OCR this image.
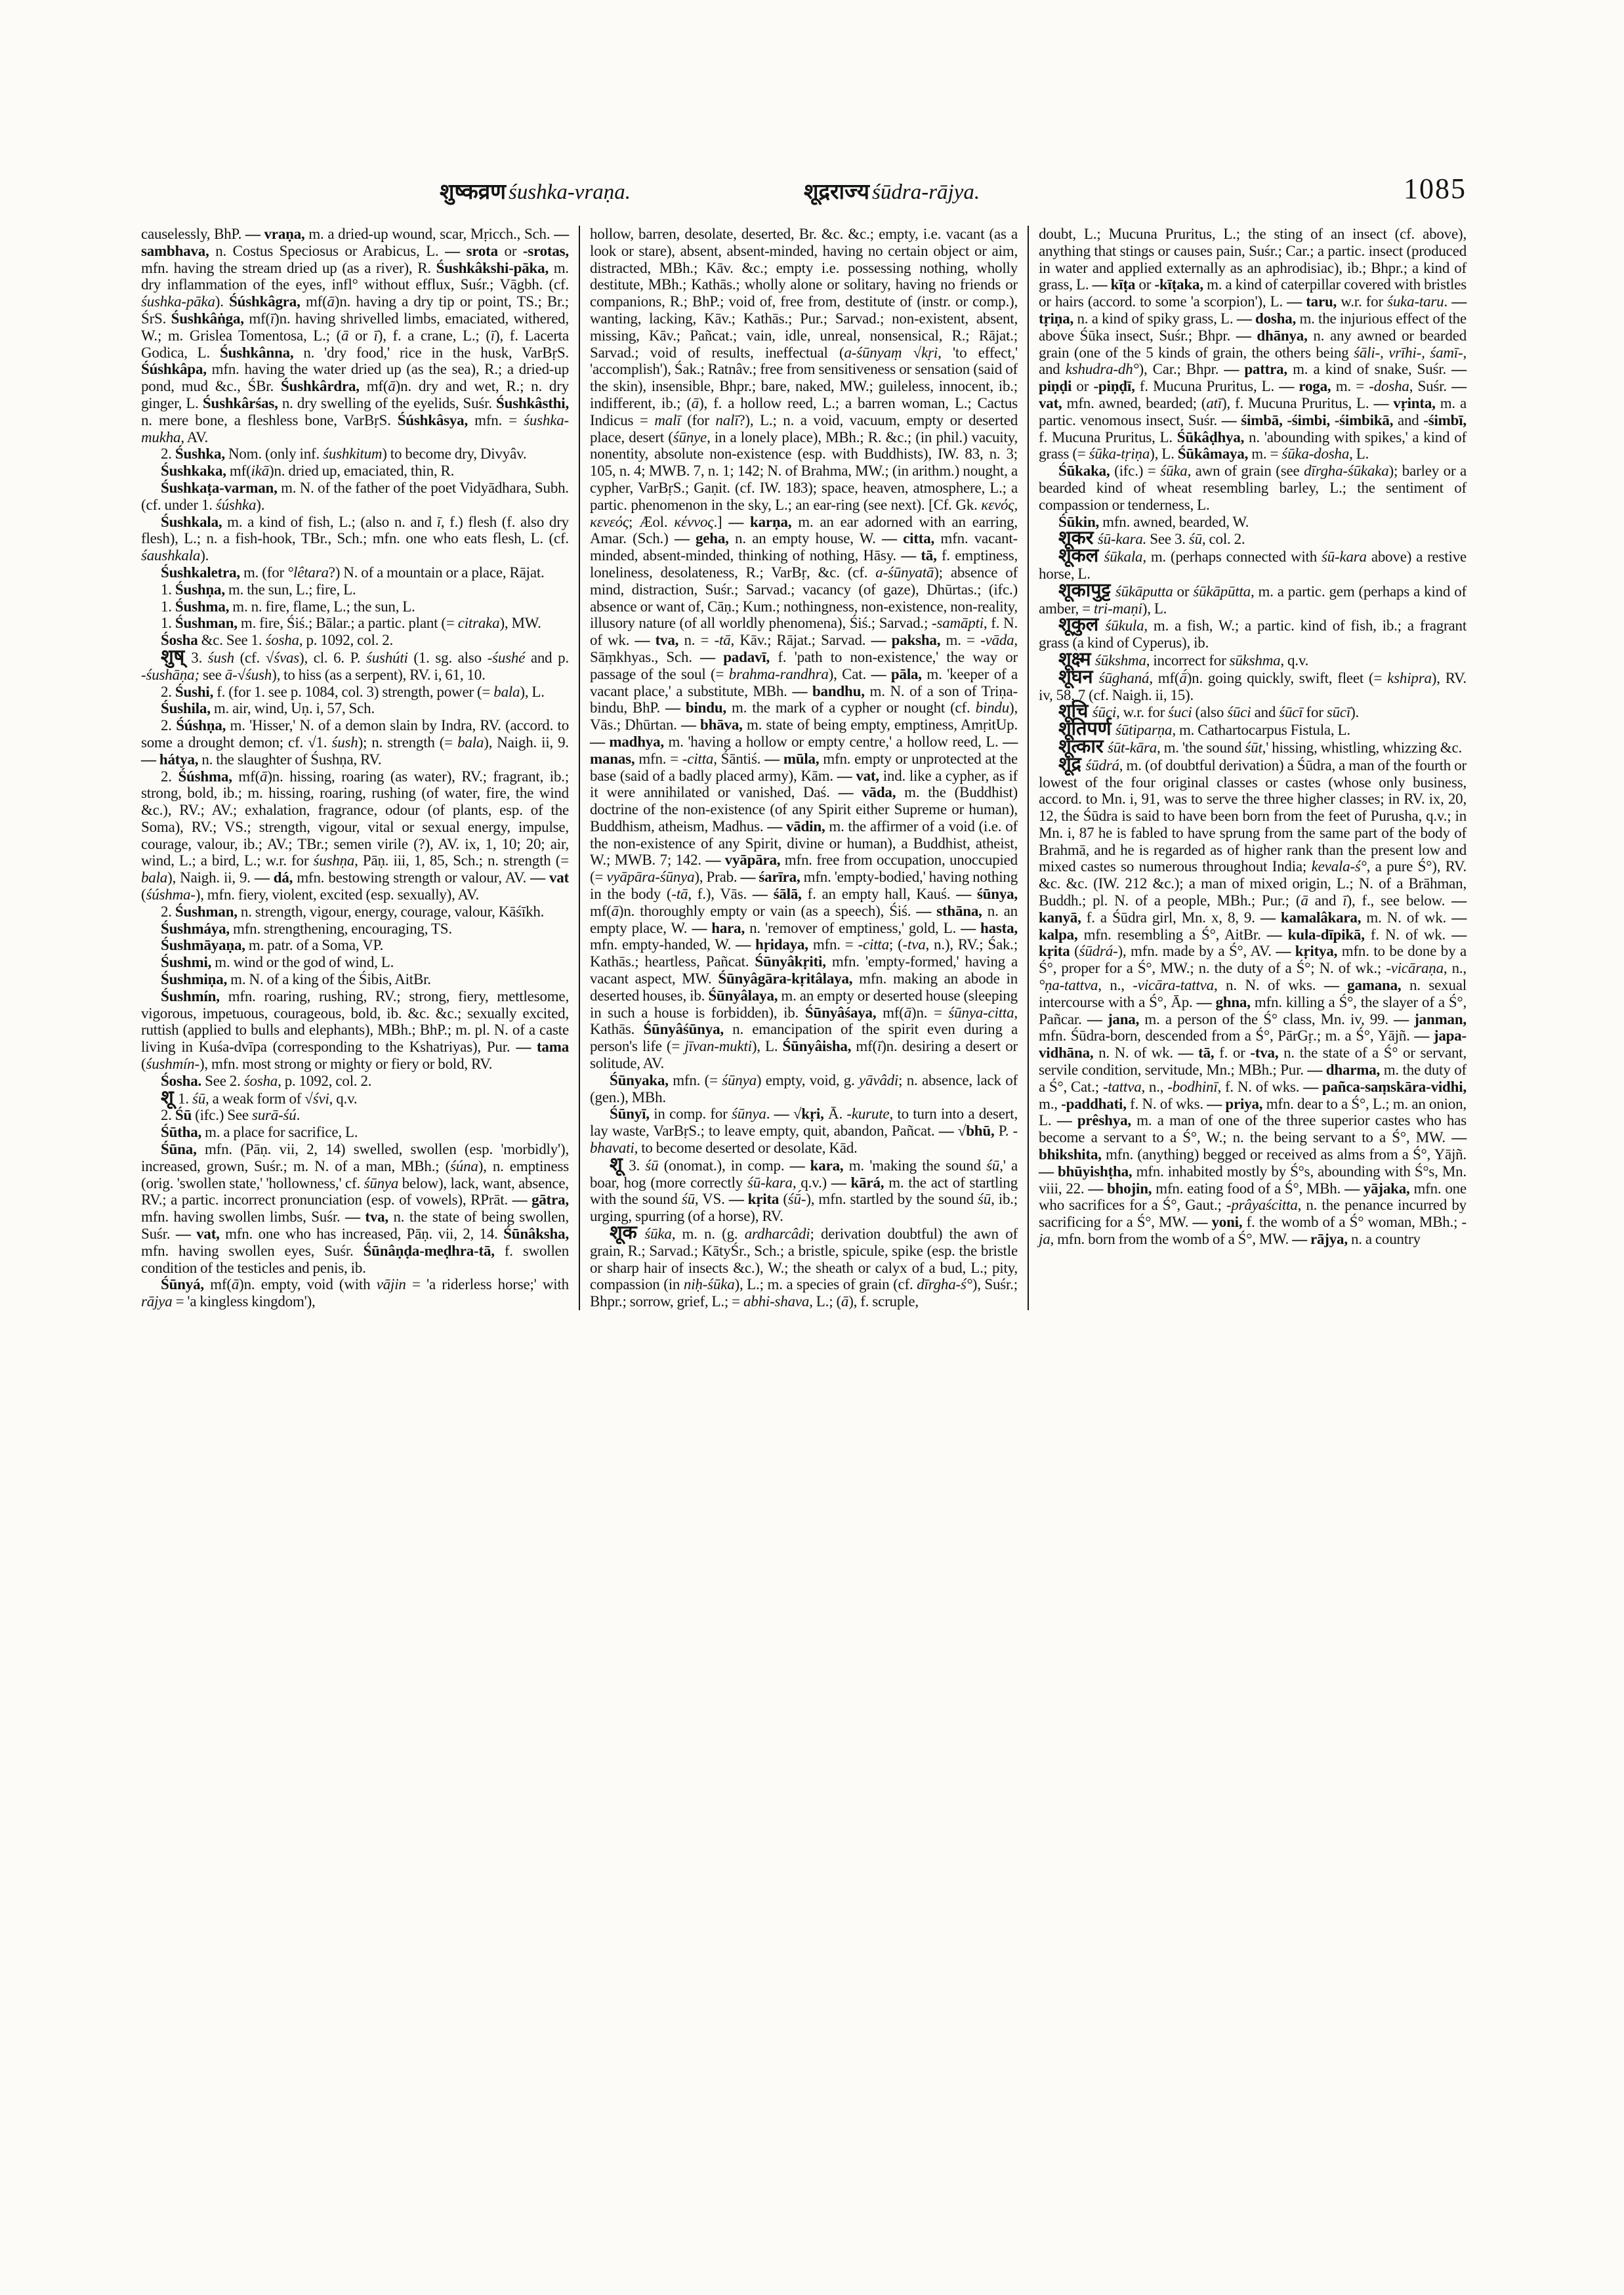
शुष्कव्रण śushka-vraṇa.	शूद्रराज्य śūdra-rājya.	1085

causelessly, BhP. — vraṇa, m. a dried-up wound, scar, Mṛicch., Sch. — sambhava, n. Costus Speciosus or Arabicus, L. — srota or -srotas, mfn. having the stream dried up (as a river), R. Śushkâkshi-pāka, m. dry inflammation of the eyes, infl° without efflux, Suśr.; Vāgbh. (cf. śushka-pāka). Śúshkâgra, mf(ā)n. having a dry tip or point, TS.; Br.; ŚrS. Śushkâṅga, mf(ī)n. having shrivelled limbs, emaciated, withered, W.; m. Grislea Tomentosa, L.; (ā or ī), f. a crane, L.; (ī), f. Lacerta Godica, L. Śushkânna, n. 'dry food,' rice in the husk, VarBṛS. Śúshkâpa, mfn. having the water dried up (as the sea), R.; a dried-up pond, mud &c., ŚBr. Śushkârdra, mf(ā)n. dry and wet, R.; n. dry ginger, L. Śushkârśas, n. dry swelling of the eyelids, Suśr. Śushkâsthi, n. mere bone, a fleshless bone, VarBṛS. Śúshkâsya, mfn. = śushka-mukha, AV.

2. Śushka, Nom. (only inf. śushkitum) to become dry, Divyâv.

Śushkaka, mf(ikā)n. dried up, emaciated, thin, R.

Śushkaṭa-varman, m. N. of the father of the poet Vidyādhara, Subh. (cf. under 1. śúshka).

Śushkala, m. a kind of fish, L.; (also n. and ī, f.) flesh (f. also dry flesh), L.; n. a fish-hook, TBr., Sch.; mfn. one who eats flesh, L. (cf. śaushkala).

Śushkaletra, m. (for °lêtara?) N. of a mountain or a place, Rājat.

1. Śushṇa, m. the sun, L.; fire, L.

1. Śushma, m. n. fire, flame, L.; the sun, L.

1. Śushman, m. fire, Śiś.; Bālar.; a partic. plant (= citraka), MW.

Śosha &c. See 1. śosha, p. 1092, col. 2.

शुष् 3. śush (cf. √śvas), cl. 6. P. śushúti (1. sg. also -śushé and p. -śushāṇa; see ā-√śush), to hiss (as a serpent), RV. i, 61, 10.

2. Śushi, f. (for 1. see p. 1084, col. 3) strength, power (= bala), L.

Śushila, m. air, wind, Uṇ. i, 57, Sch.

2. Śúshṇa, m. 'Hisser,' N. of a demon slain by Indra, RV. (accord. to some a drought demon; cf. √1. śush); n. strength (= bala), Naigh. ii, 9. — hátya, n. the slaughter of Śushṇa, RV.

2. Śúshma, mf(ā)n. hissing, roaring (as water), RV.; fragrant, ib.; strong, bold, ib.; m. hissing, roaring, rushing (of water, fire, the wind &c.), RV.; AV.; exhalation, fragrance, odour (of plants, esp. of the Soma), RV.; VS.; strength, vigour, vital or sexual energy, impulse, courage, valour, ib.; AV.; TBr.; semen virile (?), AV. ix, 1, 10; 20; air, wind, L.; a bird, L.; w.r. for śushṇa, Pāṇ. iii, 1, 85, Sch.; n. strength (= bala), Naigh. ii, 9. — dá, mfn. bestowing strength or valour, AV. — vat (śúshma-), mfn. fiery, violent, excited (esp. sexually), AV.

2. Śushman, n. strength, vigour, energy, courage, valour, Kāśīkh.

Śushmáya, mfn. strengthening, encouraging, TS.

Śushmāyaṇa, m. patr. of a Soma, VP.

Śushmi, m. wind or the god of wind, L.

Śushmiṇa, m. N. of a king of the Śibis, AitBr.

Śushmín, mfn. roaring, rushing, RV.; strong, fiery, mettlesome, vigorous, impetuous, courageous, bold, ib. &c. &c.; sexually excited, ruttish (applied to bulls and elephants), MBh.; BhP.; m. pl. N. of a caste living in Kuśa-dvīpa (corresponding to the Kshatriyas), Pur. — tama (śushmín-), mfn. most strong or mighty or fiery or bold, RV.

Śosha. See 2. śosha, p. 1092, col. 2.

शू 1. śū, a weak form of √śvi, q.v.

2. Śū (ifc.) See surā-śú.

Śūtha, m. a place for sacrifice, L.

Śūna, mfn. (Pāṇ. vii, 2, 14) swelled, swollen (esp. 'morbidly'), increased, grown, Suśr.; m. N. of a man, MBh.; (śúna), n. emptiness (orig. 'swollen state,' 'hollowness,' cf. śūnya below), lack, want, absence, RV.; a partic. incorrect pronunciation (esp. of vowels), RPrāt. — gātra, mfn. having swollen limbs, Suśr. — tva, n. the state of being swollen, Suśr. — vat, mfn. one who has increased, Pāṇ. vii, 2, 14. Śūnâksha, mfn. having swollen eyes, Suśr. Śūnâṇḍa-meḍhra-tā, f. swollen condition of the testicles and penis, ib.

Śūnyá, mf(ā)n. empty, void (with vājin = 'a riderless horse;' with rājya = 'a kingless kingdom'),

hollow, barren, desolate, deserted, Br. &c. &c.; empty, i.e. vacant (as a look or stare), absent, absent-minded, having no certain object or aim, distracted, MBh.; Kāv. &c.; empty i.e. possessing nothing, wholly destitute, MBh.; Kathās.; wholly alone or solitary, having no friends or companions, R.; BhP.; void of, free from, destitute of (instr. or comp.), wanting, lacking, Kāv.; Kathās.; Pur.; Sarvad.; non-existent, absent, missing, Kāv.; Pañcat.; vain, idle, unreal, nonsensical, R.; Rājat.; Sarvad.; void of results, ineffectual (a-śūnyaṃ √kṛi, 'to effect,' 'accomplish'), Śak.; Ratnâv.; free from sensitiveness or sensation (said of the skin), insensible, Bhpr.; bare, naked, MW.; guileless, innocent, ib.; indifferent, ib.; (ā), f. a hollow reed, L.; a barren woman, L.; Cactus Indicus = malī (for nalī?), L.; n. a void, vacuum, empty or deserted place, desert (śūnye, in a lonely place), MBh.; R. &c.; (in phil.) vacuity, nonentity, absolute non-existence (esp. with Buddhists), IW. 83, n. 3; 105, n. 4; MWB. 7, n. 1; 142; N. of Brahma, MW.; (in arithm.) nought, a cypher, VarBṛS.; Gaṇit. (cf. IW. 183); space, heaven, atmosphere, L.; a partic. phenomenon in the sky, L.; an ear-ring (see next). [Cf. Gk. κενός, κενεός; Æol. κένvος.] — karṇa, m. an ear adorned with an earring, Amar. (Sch.) — geha, n. an empty house, W. — citta, mfn. vacant-minded, absent-minded, thinking of nothing, Hāsy. — tā, f. emptiness, loneliness, desolateness, R.; VarBṛ, &c. (cf. a-śūnyatā); absence of mind, distraction, Suśr.; Sarvad.; vacancy (of gaze), Dhūrtas.; (ifc.) absence or want of, Cāṇ.; Kum.; nothingness, non-existence, non-reality, illusory nature (of all worldly phenomena), Śiś.; Sarvad.; -samāpti, f. N. of wk. — tva, n. = -tā, Kāv.; Rājat.; Sarvad. — paksha, m. = -vāda, Sāṃkhyas., Sch. — padavī, f. 'path to non-existence,' the way or passage of the soul (= brahma-randhra), Cat. — pāla, m. 'keeper of a vacant place,' a substitute, MBh. — bandhu, m. N. of a son of Triṇa-bindu, BhP. — bindu, m. the mark of a cypher or nought (cf. bindu), Vās.; Dhūrtan. — bhāva, m. state of being empty, emptiness, AmṛitUp. — madhya, m. 'having a hollow or empty centre,' a hollow reed, L. — manas, mfn. = -citta, Śāntiś. — mūla, mfn. empty or unprotected at the base (said of a badly placed army), Kām. — vat, ind. like a cypher, as if it were annihilated or vanished, Daś. — vāda, m. the (Buddhist) doctrine of the non-existence (of any Spirit either Supreme or human), Buddhism, atheism, Madhus. — vādin, m. the affirmer of a void (i.e. of the non-existence of any Spirit, divine or human), a Buddhist, atheist, W.; MWB. 7; 142. — vyāpāra, mfn. free from occupation, unoccupied (= vyāpāra-śūnya), Prab. — śarīra, mfn. 'empty-bodied,' having nothing in the body (-tā, f.), Vās. — śālā, f. an empty hall, Kauś. — śūnya, mf(ā)n. thoroughly empty or vain (as a speech), Śiś. — sthāna, n. an empty place, W. — hara, n. 'remover of emptiness,' gold, L. — hasta, mfn. empty-handed, W. — hṛidaya, mfn. = -citta; (-tva, n.), RV.; Śak.; Kathās.; heartless, Pañcat. Śūnyâkṛiti, mfn. 'empty-formed,' having a vacant aspect, MW. Śūnyâgāra-kṛitâlaya, mfn. making an abode in deserted houses, ib. Śūnyâlaya, m. an empty or deserted house (sleeping in such a house is forbidden), ib. Śūnyâśaya, mf(ā)n. = śūnya-citta, Kathās. Śūnyâśūnya, n. emancipation of the spirit even during a person's life (= jīvan-mukti), L. Śūnyâisha, mf(ī)n. desiring a desert or solitude, AV.

Śūnyaka, mfn. (= śūnya) empty, void, g. yāvâdi; n. absence, lack of (gen.), MBh.

Śūnyī, in comp. for śūnya. — √kṛi, Ā. -kurute, to turn into a desert, lay waste, VarBṛS.; to leave empty, quit, abandon, Pañcat. — √bhū, P. -bhavati, to become deserted or desolate, Kād.

शू 3. śū (onomat.), in comp. — kara, m. 'making the sound śū,' a boar, hog (more correctly śū-kara, q.v.) — kārá, m. the act of startling with the sound śū, VS. — kṛita (śū́-), mfn. startled by the sound śū, ib.; urging, spurring (of a horse), RV.

शूक śūka, m. n. (g. ardharcâdi; derivation doubtful) the awn of grain, R.; Sarvad.; KātyŚr., Sch.; a bristle, spicule, spike (esp. the bristle or sharp hair of insects &c.), W.; the sheath or calyx of a bud, L.; pity, compassion (in niḥ-śūka), L.; m. a species of grain (cf. dīrgha-ś°), Suśr.; Bhpr.; sorrow, grief, L.; = abhi-shava, L.; (ā), f. scruple,

doubt, L.; Mucuna Pruritus, L.; the sting of an insect (cf. above), anything that stings or causes pain, Suśr.; Car.; a partic. insect (produced in water and applied externally as an aphrodisiac), ib.; Bhpr.; a kind of grass, L. — kīṭa or -kīṭaka, m. a kind of caterpillar covered with bristles or hairs (accord. to some 'a scorpion'), L. — taru, w.r. for śuka-taru. — tṛiṇa, n. a kind of spiky grass, L. — dosha, m. the injurious effect of the above Śūka insect, Suśr.; Bhpr. — dhānya, n. any awned or bearded grain (one of the 5 kinds of grain, the others being śāli-, vrīhi-, śamī-, and kshudra-dh°), Car.; Bhpr. — pattra, m. a kind of snake, Suśr. — piṇḍi or -piṇḍī, f. Mucuna Pruritus, L. — roga, m. = -dosha, Suśr. — vat, mfn. awned, bearded; (atī), f. Mucuna Pruritus, L. — vṛinta, m. a partic. venomous insect, Suśr. — śimbā, -śimbi, -śimbikā, and -śimbī, f. Mucuna Pruritus, L. Śūkâḍhya, n. 'abounding with spikes,' a kind of grass (= śūka-tṛiṇa), L. Śūkâmaya, m. = śūka-dosha, L.

Śūkaka, (ifc.) = śūka, awn of grain (see dīrgha-śūkaka); barley or a bearded kind of wheat resembling barley, L.; the sentiment of compassion or tenderness, L.

Śūkin, mfn. awned, bearded, W.

शूकर śū-kara. See 3. śū, col. 2.

शूकल śūkala, m. (perhaps connected with śū-kara above) a restive horse, L.

शूकापुट्ट śūkāputta or śūkāpūtta, m. a partic. gem (perhaps a kind of amber, = tri-maṇi), L.

शूकुल śūkula, m. a fish, W.; a partic. kind of fish, ib.; a fragrant grass (a kind of Cyperus), ib.

शूक्ष्म śūkshma, incorrect for sūkshma, q.v.

शूघन śūghaná, mf(ā́)n. going quickly, swift, fleet (= kshipra), RV. iv, 58, 7 (cf. Naigh. ii, 15).

शूचि śūci, w.r. for śuci (also śūci and śūcī for sūcī).

शूतिपर्ण śūtiparṇa, m. Cathartocarpus Fistula, L.

शूत्कार śūt-kāra, m. 'the sound śūt,' hissing, whistling, whizzing &c.

शूद्र śūdrá, m. (of doubtful derivation) a Śūdra, a man of the fourth or lowest of the four original classes or castes (whose only business, accord. to Mn. i, 91, was to serve the three higher classes; in RV. ix, 20, 12, the Śūdra is said to have been born from the feet of Purusha, q.v.; in Mn. i, 87 he is fabled to have sprung from the same part of the body of Brahmā, and he is regarded as of higher rank than the present low and mixed castes so numerous throughout India; kevala-ś°, a pure Ś°), RV. &c. &c. (IW. 212 &c.); a man of mixed origin, L.; N. of a Brāhman, Buddh.; pl. N. of a people, MBh.; Pur.; (ā and ī), f., see below. — kanyā, f. a Śūdra girl, Mn. x, 8, 9. — kamalâkara, m. N. of wk. — kalpa, mfn. resembling a Ś°, AitBr. — kula-dīpikā, f. N. of wk. — kṛita (śūdrá-), mfn. made by a Ś°, AV. — kṛitya, mfn. to be done by a Ś°, proper for a Ś°, MW.; n. the duty of a Ś°; N. of wk.; -vicāraṇa, n., °ṇa-tattva, n., -vicāra-tattva, n. N. of wks. — gamana, n. sexual intercourse with a Ś°, Āp. — ghna, mfn. killing a Ś°, the slayer of a Ś°, Pañcar. — jana, m. a person of the Ś° class, Mn. iv, 99. — janman, mfn. Śūdra-born, descended from a Ś°, PārGṛ.; m. a Ś°, Yājñ. — japa-vidhāna, n. N. of wk. — tā, f. or -tva, n. the state of a Ś° or servant, servile condition, servitude, Mn.; MBh.; Pur. — dharma, m. the duty of a Ś°, Cat.; -tattva, n., -bodhinī, f. N. of wks. — pañca-saṃskāra-vidhi, m., -paddhati, f. N. of wks. — priya, mfn. dear to a Ś°, L.; m. an onion, L. — prêshya, m. a man of one of the three superior castes who has become a servant to a Ś°, W.; n. the being servant to a Ś°, MW. — bhikshita, mfn. (anything) begged or received as alms from a Ś°, Yājñ. — bhūyishṭha, mfn. inhabited mostly by Ś°s, abounding with Ś°s, Mn. viii, 22. — bhojin, mfn. eating food of a Ś°, MBh. — yājaka, mfn. one who sacrifices for a Ś°, Gaut.; -prâyaścitta, n. the penance incurred by sacrificing for a Ś°, MW. — yoni, f. the womb of a Ś° woman, MBh.; -ja, mfn. born from the womb of a Ś°, MW. — rājya, n. a country
